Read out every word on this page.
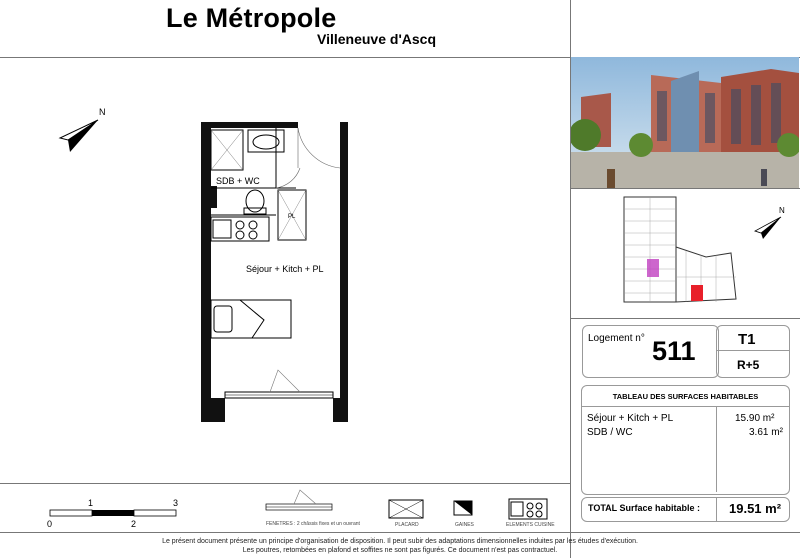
Le Métropole
Villeneuve d'Ascq
N
PL
SDB + WC
Séjour + Kitch + PL
N
Logement n° 511	T1
R+5
TABLEAU DES SURFACES HABITABLES
Séjour + Kitch + PL	15.90 m²
SDB / WC	3.61 m²
TOTAL Surface habitable : 19.51 m²
0
1
2
3
FENETRES : 2 châssis fixes et un ouvrant	PLACARD	GAINES	ELEMENTS CUISINE
Le présent document présente un principe d'organisation de disposition. Il peut subir des adaptations dimensionnelles induites par les études d'exécution.
Les poutres, retombées en plafond et soffites ne sont pas figurés. Ce document n'est pas contractuel.
